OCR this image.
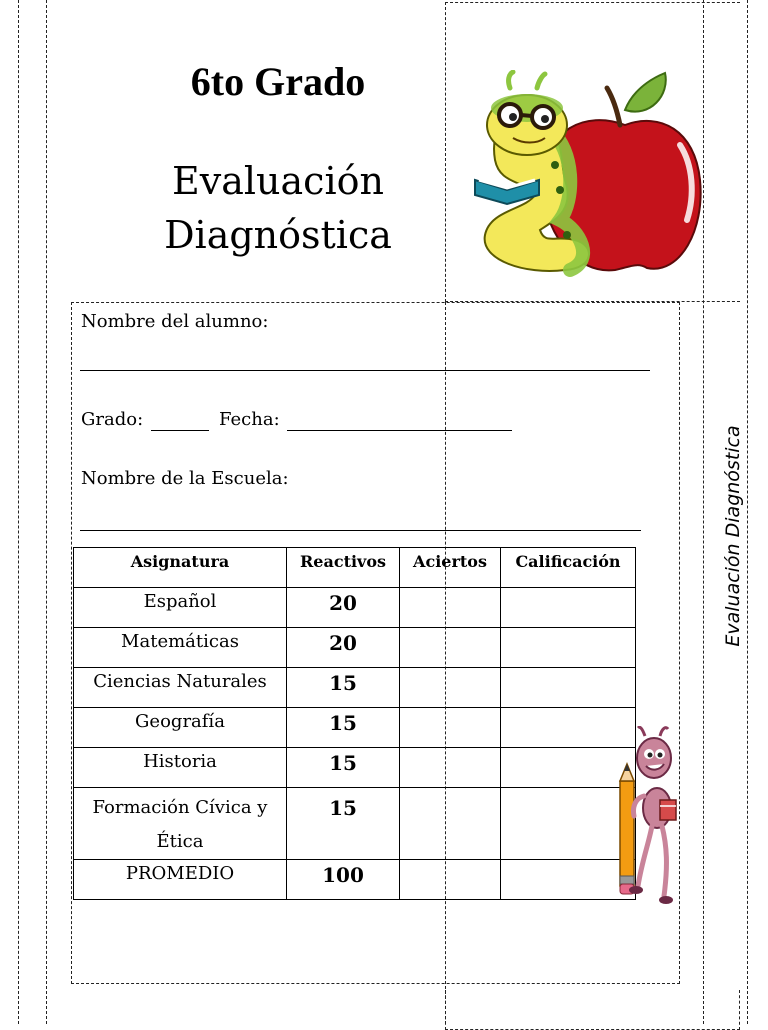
6to Grado
Evaluación
Diagnóstica
Evaluación Diagnóstica
Nombre del alumno:
Grado:	Fecha:
Nombre de la Escuela:
Asignatura	Reactivos	Aciertos	Calificación
Español	20		
Matemáticas	20		
Ciencias Naturales	15		
Geografía	15		
Historia	15		

Formación Cívica y
Ética	15		
PROMEDIO	100		
